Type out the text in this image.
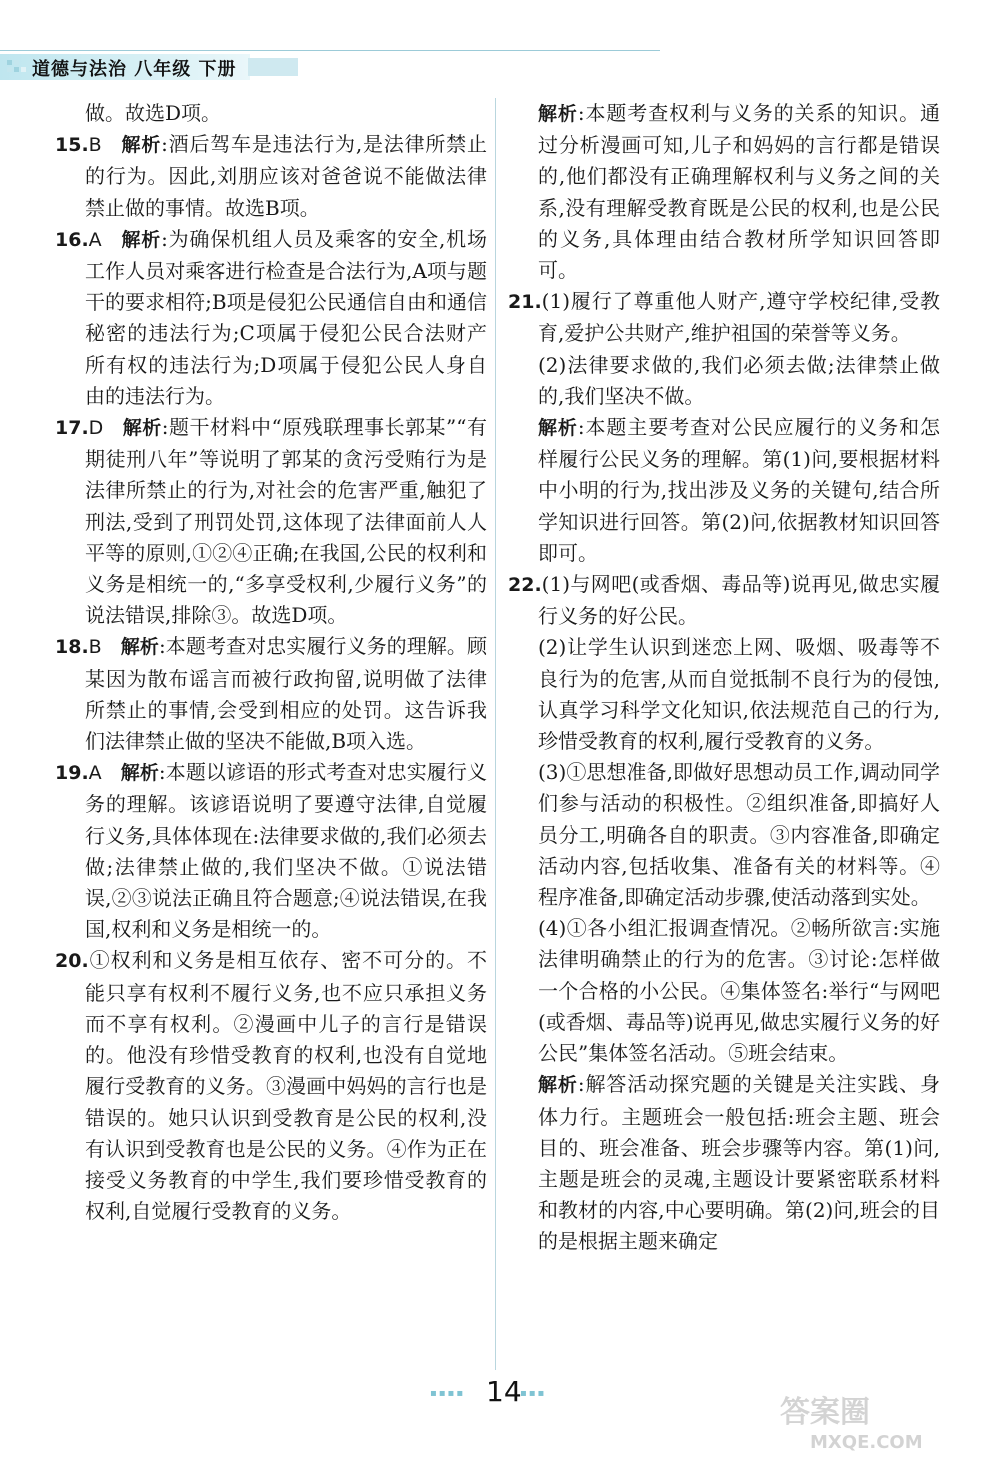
道德与法治 八年级 下册

做。故选D项。

15.B 解析:酒后驾车是违法行为,是法律所禁止的行为。因此,刘朋应该对爸爸说不能做法律禁止做的事情。故选B项。

16.A 解析:为确保机组人员及乘客的安全,机场工作人员对乘客进行检查是合法行为,A项与题干的要求相符;B项是侵犯公民通信自由和通信秘密的违法行为;C项属于侵犯公民合法财产所有权的违法行为;D项属于侵犯公民人身自由的违法行为。

17.D 解析:题干材料中“原残联理事长郭某”“有期徒刑八年”等说明了郭某的贪污受贿行为是法律所禁止的行为,对社会的危害严重,触犯了刑法,受到了刑罚处罚,这体现了法律面前人人平等的原则,①②④正确;在我国,公民的权利和义务是相统一的,“多享受权利,少履行义务”的说法错误,排除③。故选D项。

18.B 解析:本题考查对忠实履行义务的理解。顾某因为散布谣言而被行政拘留,说明做了法律所禁止的事情,会受到相应的处罚。这告诉我们法律禁止做的坚决不能做,B项入选。

19.A 解析:本题以谚语的形式考查对忠实履行义务的理解。该谚语说明了要遵守法律,自觉履行义务,具体体现在:法律要求做的,我们必须去做;法律禁止做的,我们坚决不做。①说法错误,②③说法正确且符合题意;④说法错误,在我国,权利和义务是相统一的。

20.①权利和义务是相互依存、密不可分的。不能只享有权利不履行义务,也不应只承担义务而不享有权利。②漫画中儿子的言行是错误的。他没有珍惜受教育的权利,也没有自觉地履行受教育的义务。③漫画中妈妈的言行也是错误的。她只认识到受教育是公民的权利,没有认识到受教育也是公民的义务。④作为正在接受义务教育的中学生,我们要珍惜受教育的权利,自觉履行受教育的义务。

解析:本题考查权利与义务的关系的知识。通过分析漫画可知,儿子和妈妈的言行都是错误的,他们都没有正确理解权利与义务之间的关系,没有理解受教育既是公民的权利,也是公民的义务,具体理由结合教材所学知识回答即可。

21.(1)履行了尊重他人财产,遵守学校纪律,受教育,爱护公共财产,维护祖国的荣誉等义务。

(2)法律要求做的,我们必须去做;法律禁止做的,我们坚决不做。

解析:本题主要考查对公民应履行的义务和怎样履行公民义务的理解。第(1)问,要根据材料中小明的行为,找出涉及义务的关键句,结合所学知识进行回答。第(2)问,依据教材知识回答即可。

22.(1)与网吧(或香烟、毒品等)说再见,做忠实履行义务的好公民。

(2)让学生认识到迷恋上网、吸烟、吸毒等不良行为的危害,从而自觉抵制不良行为的侵蚀,认真学习科学文化知识,依法规范自己的行为,珍惜受教育的权利,履行受教育的义务。

(3)①思想准备,即做好思想动员工作,调动同学们参与活动的积极性。②组织准备,即搞好人员分工,明确各自的职责。③内容准备,即确定活动内容,包括收集、准备有关的材料等。④程序准备,即确定活动步骤,使活动落到实处。

(4)①各小组汇报调查情况。②畅所欲言:实施法律明确禁止的行为的危害。③讨论:怎样做一个合格的小公民。④集体签名:举行“与网吧(或香烟、毒品等)说再见,做忠实履行义务的好公民”集体签名活动。⑤班会结束。

解析:解答活动探究题的关键是关注实践、身体力行。主题班会一般包括:班会主题、班会目的、班会准备、班会步骤等内容。第(1)问,主题是班会的灵魂,主题设计要紧密联系材料和教材的内容,中心要明确。第(2)问,班会的目的是根据主题来确定

▪▪▪▪ 14
▪▪▪
答案圈
MXQE.COM
